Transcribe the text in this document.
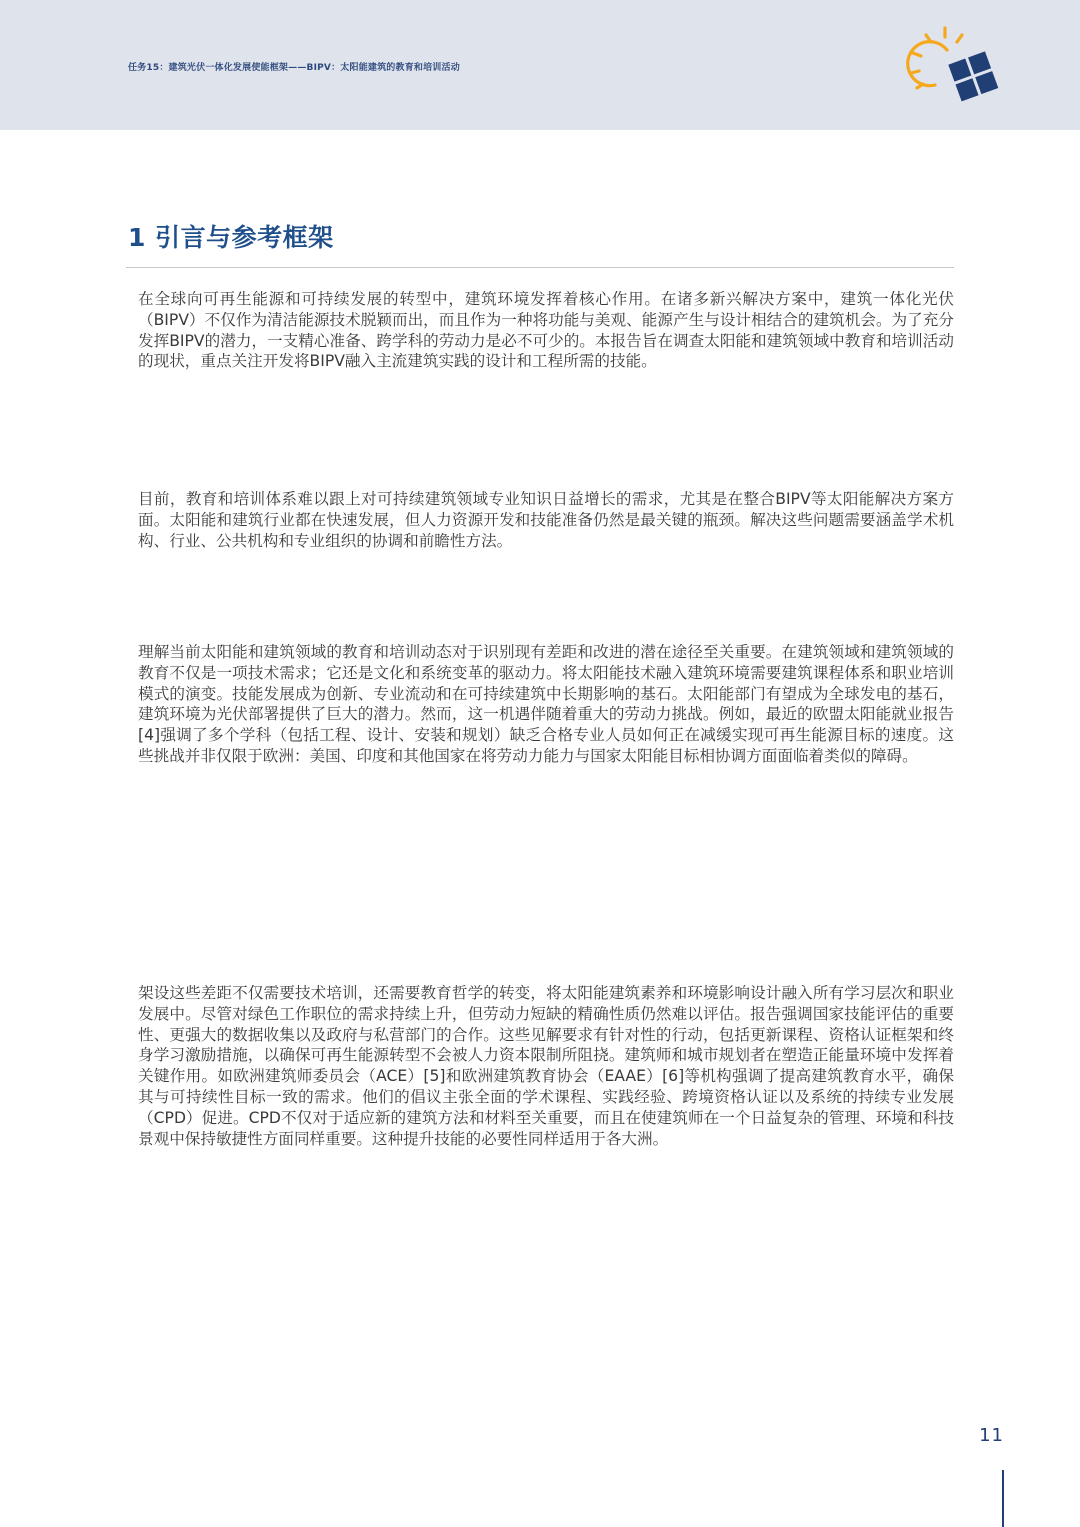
任务15：建筑光伏一体化发展使能框架——BIPV：太阳能建筑的教育和培训活动
1 引言与参考框架

在全球向可再生能源和可持续发展的转型中，建筑环境发挥着核心作用。在诸多新兴解决方案中，建筑一体化光伏（BIPV）不仅作为清洁能源技术脱颖而出，而且作为一种将功能与美观、能源产生与设计相结合的建筑机会。为了充分发挥BIPV的潜力，一支精心准备、跨学科的劳动力是必不可少的。本报告旨在调查太阳能和建筑领域中教育和培训活动的现状，重点关注开发将BIPV融入主流建筑实践的设计和工程所需的技能。

目前，教育和培训体系难以跟上对可持续建筑领域专业知识日益增长的需求，尤其是在整合BIPV等太阳能解决方案方面。太阳能和建筑行业都在快速发展，但人力资源开发和技能准备仍然是最关键的瓶颈。解决这些问题需要涵盖学术机构、行业、公共机构和专业组织的协调和前瞻性方法。

理解当前太阳能和建筑领域的教育和培训动态对于识别现有差距和改进的潜在途径至关重要。在建筑领域和建筑领域的教育不仅是一项技术需求；它还是文化和系统变革的驱动力。将太阳能技术融入建筑环境需要建筑课程体系和职业培训模式的演变。技能发展成为创新、专业流动和在可持续建筑中长期影响的基石。太阳能部门有望成为全球发电的基石，建筑环境为光伏部署提供了巨大的潜力。然而，这一机遇伴随着重大的劳动力挑战。例如，最近的欧盟太阳能就业报告[4]强调了多个学科（包括工程、设计、安装和规划）缺乏合格专业人员如何正在减缓实现可再生能源目标的速度。这些挑战并非仅限于欧洲：美国、印度和其他国家在将劳动力能力与国家太阳能目标相协调方面面临着类似的障碍。

架设这些差距不仅需要技术培训，还需要教育哲学的转变，将太阳能建筑素养和环境影响设计融入所有学习层次和职业发展中。尽管对绿色工作职位的需求持续上升，但劳动力短缺的精确性质仍然难以评估。报告强调国家技能评估的重要性、更强大的数据收集以及政府与私营部门的合作。这些见解要求有针对性的行动，包括更新课程、资格认证框架和终身学习激励措施，以确保可再生能源转型不会被人力资本限制所阻挠。建筑师和城市规划者在塑造正能量环境中发挥着关键作用。如欧洲建筑师委员会（ACE）[5]和欧洲建筑教育协会（EAAE）[6]等机构强调了提高建筑教育水平，确保其与可持续性目标一致的需求。他们的倡议主张全面的学术课程、实践经验、跨境资格认证以及系统的持续专业发展（CPD）促进。CPD不仅对于适应新的建筑方法和材料至关重要，而且在使建筑师在一个日益复杂的管理、环境和科技景观中保持敏捷性方面同样重要。这种提升技能的必要性同样适用于各大洲。

11
